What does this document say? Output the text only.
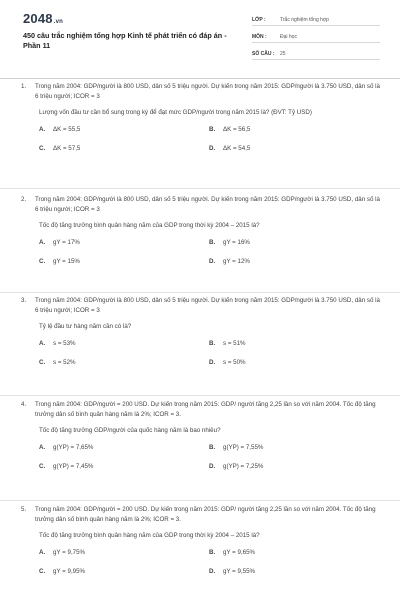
2048.vn
450 câu trắc nghiệm tổng hợp Kinh tế phát triển có đáp án - Phần 11
LỚP :	Trắc nghiệm tổng hợp
MÔN :	Đại học
SỐ CÂU :	25
1.	Trong năm 2004: GDP/người là 800 USD, dân số 5 triệu người. Dự kiến trong năm 2015: GDP/người là 3.750 USD, dân số là 6 triệu người; ICOR = 3
Lượng vốn đầu tư cần bổ sung trong kỳ để đạt mức GDP/người trong năm 2015 là? (ĐVT: Tỷ USD)
A.	ΔK = 55,5	B.	ΔK = 56,5
C.	ΔK = 57,5	D.	ΔK = 54,5
2.	Trong năm 2004: GDP/người là 800 USD, dân số 5 triệu người. Dự kiến trong năm 2015: GDP/người là 3.750 USD, dân số là 6 triệu người; ICOR = 3
Tốc độ tăng trưởng bình quân hàng năm của GDP trong thời kỳ 2004 – 2015 là?
A.	gY = 17%	B.	gY = 16%
C.	gY = 15%	D.	gY = 12%
3.	Trong năm 2004: GDP/người là 800 USD, dân số 5 triệu người. Dự kiến trong năm 2015: GDP/người là 3.750 USD, dân số là 6 triệu người; ICOR = 3
Tỷ lệ đầu tư hàng năm cần có là?
A.	s = 53%	B.	s = 51%
C.	s = 52%	D.	s = 50%
4.	Trong năm 2004: GDP/người = 200 USD. Dự kiến trong năm 2015: GDP/ người tăng 2,25 lần so với năm 2004. Tốc độ tăng trưởng dân số bình quân hàng năm là 2%; ICOR = 3.
Tốc độ tăng trưởng GDP/người của quốc hàng năm là bao nhiêu?
A.	g(YP) = 7,65%	B.	g(YP) = 7,55%
C.	g(YP) = 7,45%	D.	g(YP) = 7,25%
5.	Trong năm 2004: GDP/người = 200 USD. Dự kiến trong năm 2015: GDP/ người tăng 2,25 lần so với năm 2004. Tốc độ tăng trưởng dân số bình quân hàng năm là 2%; ICOR = 3.
Tốc độ tăng trưởng bình quân hàng năm của GDP trong thời kỳ 2004 – 2015 là?
A.	gY = 9,75%	B.	gY = 9,65%
C.	gY = 9,95%	D.	gY = 9,55%
